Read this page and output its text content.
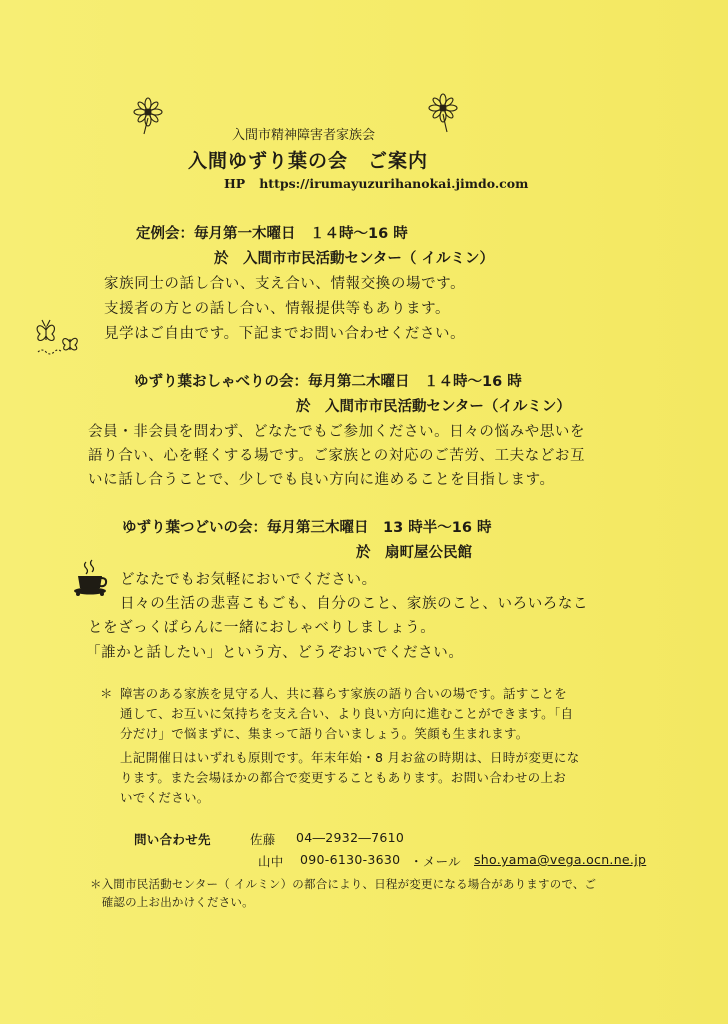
入間市精神障害者家族会
入間ゆずり葉の会　ご案内
HP https://irumayuzurihanokai.jimdo.com
定例会：毎月第一木曜日　１４時〜16 時
於　入間市市民活動センター（ イルミン）
家族同士の話し合い、支え合い、情報交換の場です。
支援者の方との話し合い、情報提供等もあります。
見学はご自由です。下記までお問い合わせください。
ゆずり葉おしゃべりの会：毎月第二木曜日　１４時〜16 時
於　入間市市民活動センター（イルミン）
会員・非会員を問わず、どなたでもご参加ください。日々の悩みや思いを
語り合い、心を軽くする場です。ご家族との対応のご苦労、工夫などお互
いに話し合うことで、少しでも良い方向に進めることを目指します。
ゆずり葉つどいの会：毎月第三木曜日　13 時半〜16 時
於　扇町屋公民館
どなたでもお気軽においでください。
日々の生活の悲喜こもごも、自分のこと、家族のこと、いろいろなこ
とをざっくばらんに一緒におしゃべりしましょう。
「誰かと話したい」という方、どうぞおいでください。
＊ 障害のある家族を見守る人、共に暮らす家族の語り合いの場です。話すことを
通して、お互いに気持ちを支え合い、より良い方向に進むことができます。「自
分だけ」で悩まずに、集まって語り合いましょう。笑顔も生まれます。
上記開催日はいずれも原則です。年末年始・8 月お盆の時期は、日時が変更にな
ります。また会場ほかの都合で変更することもあります。お問い合わせの上お
いでください。
問い合わせ先	佐藤 04―2932―7610
山中 090-6130-3630 ・メール sho.yama@vega.ocn.ne.jp
＊入間市民活動センター（ イルミン）の都合により、日程が変更になる場合がありますので、ご
　確認の上お出かけください。
